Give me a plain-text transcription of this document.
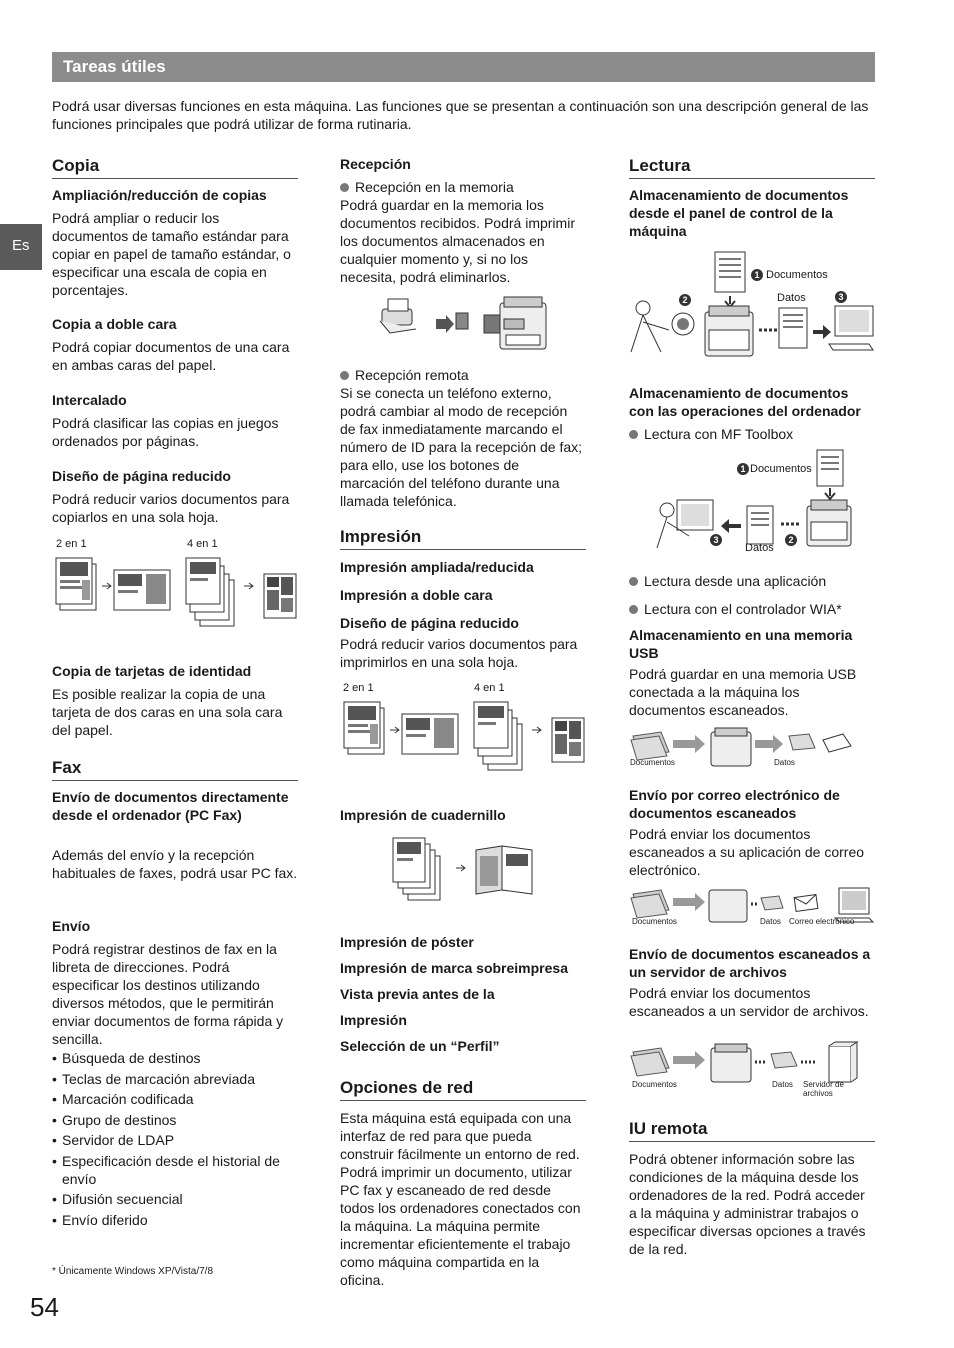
Tareas útiles
Es
Podrá usar diversas funciones en esta máquina. Las funciones que se presentan a continuación son una descripción general de las funciones principales que podrá utilizar de forma rutinaria.
Copia
Ampliación/reducción de copias

Podrá ampliar o reducir los documentos de tamaño estándar para copiar en papel de tamaño estándar, o especificar una escala de copia en porcentajes.

Copia a doble cara

Podrá copiar documentos de una cara en ambas caras del papel.

Intercalado

Podrá clasificar las copias en juegos ordenados por páginas.

Diseño de página reducido

Podrá reducir varios documentos para copiarlos en una sola hoja.

2 en 1	4 en 1
Copia de tarjetas de identidad

Es posible realizar la copia de una tarjeta de dos caras en una sola cara del papel.

Fax
Envío de documentos directamente desde el ordenador (PC Fax)

Además del envío y la recepción habituales de faxes, podrá usar PC fax.

Envío

Podrá registrar destinos de fax en la libreta de direcciones. Podrá especificar los destinos utilizando diversos métodos, que le permitirán enviar documentos de forma rápida y sencilla.

• Búsqueda de destinos
• Teclas de marcación abreviada
• Marcación codificada
• Grupo de destinos
• Servidor de LDAP
• Especificación desde el historial de envío
• Difusión secuencial
• Envío diferido
* Únicamente Windows XP/Vista/7/8
54
Recepción

Recepción en la memoria

Podrá guardar en la memoria los documentos recibidos. Podrá imprimir los documentos almacenados en cualquier momento y, si no los necesita, podrá eliminarlos.

Recepción remota

Si se conecta un teléfono externo, podrá cambiar al modo de recepción de fax inmediatamente marcando el número de ID para la recepción de fax; para ello, use los botones de marcación del teléfono durante una llamada telefónica.

Impresión
Impresión ampliada/reducida
Impresión a doble cara
Diseño de página reducido

Podrá reducir varios documentos para imprimirlos en una sola hoja.

2 en 1	4 en 1
Impresión de cuadernillo
Impresión de póster
Impresión de marca sobreimpresa
Vista previa antes de la
Impresión
Selección de un “Perfil”
Opciones de red

Esta máquina está equipada con una interfaz de red para que pueda construir fácilmente un entorno de red. Podrá imprimir un documento, utilizar PC fax y escaneado de red desde todos los ordenadores conectados con la máquina. La máquina permite incrementar eficientemente el trabajo como máquina compartida en la oficina.

Lectura
Almacenamiento de documentos desde el panel de control de la máquina
1 Documentos
Datos
2	3
Almacenamiento de documentos con las operaciones del ordenador

Lectura con MF Toolbox

1 Documentos
3
Datos
2

Lectura desde una aplicación

Lectura con el controlador WIA*

Almacenamiento en una memoria USB

Podrá guardar en una memoria USB conectada a la máquina los documentos escaneados.

Documentos	Datos
Envío por correo electrónico de documentos escaneados

Podrá enviar los documentos escaneados a su aplicación de correo electrónico.

Documentos	Datos Correo electrónico
Envío de documentos escaneados a un servidor de archivos

Podrá enviar los documentos escaneados a un servidor de archivos.

Documentos	Datos Servidor de archivos
IU remota

Podrá obtener información sobre las condiciones de la máquina desde los ordenadores de la red. Podrá acceder a la máquina y administrar trabajos o especificar diversas opciones a través de la red.
